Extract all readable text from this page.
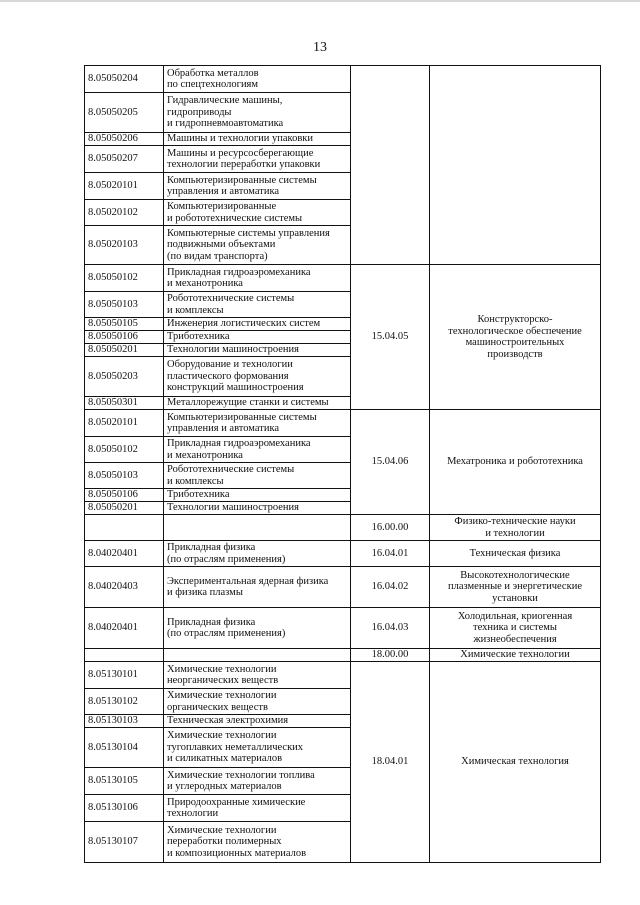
13
8.05050204	Обработка металлов
по спецтехнологиям		
8.05050205	Гидравлические машины,
гидроприводы
и гидропневмоавтоматика		
8.05050206	Машины и технологии упаковки		
8.05050207	Машины и ресурсосберегающие
технологии переработки упаковки		
8.05020101	Компьютеризированные системы
управления и автоматика		
8.05020102	Компьютеризированные
и робототехнические системы		
8.05020103	Компьютерные системы управления
подвижными объектами
(по видам транспорта)		
8.05050102	Прикладная гидроаэромеханика
и механотроника	15.04.05	Конструкторско-
технологическое обеспечение
машиностроительных
производств
8.05050103	Робототехнические системы
и комплексы		
8.05050105	Инженерия логистических систем		
8.05050106	Триботехника		
8.05050201	Технологии машиностроения		
8.05050203	Оборудование и технологии
пластического формования
конструкций машиностроения		
8.05050301	Металлорежущие станки и системы		
8.05020101	Компьютеризированные системы
управления и автоматика	15.04.06	Мехатроника и робототехника
8.05050102	Прикладная гидроаэромеханика
и механотроника		
8.05050103	Робототехнические системы
и комплексы		
8.05050106	Триботехника		
8.05050201	Технологии машиностроения		
		16.00.00	Физико-технические науки
и технологии
8.04020401	Прикладная физика
(по отраслям применения)	16.04.01	Техническая физика
8.04020403	Экспериментальная ядерная физика
и физика плазмы	16.04.02	Высокотехнологические
плазменные и энергетические
установки
8.04020401	Прикладная физика
(по отраслям применения)	16.04.03	Холодильная, криогенная
техника и системы
жизнеобеспечения
		18.00.00	Химические технологии
8.05130101	Химические технологии
неорганических веществ	18.04.01	Химическая технология
8.05130102	Химические технологии
органических веществ		
8.05130103	Техническая электрохимия		
8.05130104	Химические технологии
тугоплавких неметаллических
и силикатных материалов		
8.05130105	Химические технологии топлива
и углеродных материалов		
8.05130106	Природоохранные химические
технологии		
8.05130107	Химические технологии
переработки полимерных
и композиционных материалов		
